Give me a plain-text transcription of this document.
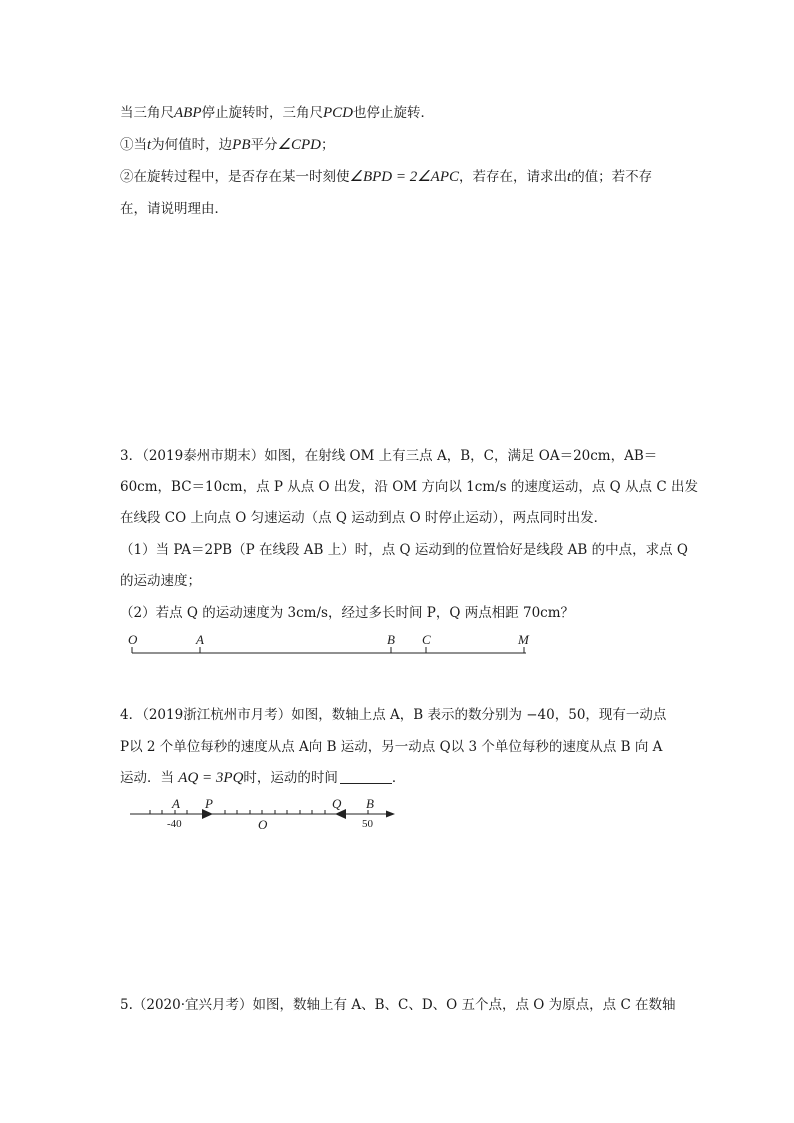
当三角尺ABP停止旋转时，三角尺PCD也停止旋转．
①当t为何值时，边PB平分∠CPD；
②在旋转过程中，是否存在某一时刻使∠BPD = 2∠APC，若存在，请求出t的值；若不存
在，请说明理由．
3．（2019泰州市期末）如图，在射线 OM 上有三点 A，B，C，满足 OA＝20cm，AB＝
60cm，BC＝10cm，点 P 从点 O 出发，沿 OM 方向以 1cm/s 的速度运动，点 Q 从点 C 出发
在线段 CO 上向点 O 匀速运动（点 Q 运动到点 O 时停止运动），两点同时出发．
（1）当 PA＝2PB（P 在线段 AB 上）时，点 Q 运动到的位置恰好是线段 AB 的中点，求点 Q
的运动速度；
（2）若点 Q 的运动速度为 3cm/s，经过多长时间 P，Q 两点相距 70cm？
O	A	B C	M
4．（2019浙江杭州市月考）如图，数轴上点 A，B 表示的数分别为 −40，50，现有一动点
P以 2 个单位每秒的速度从点 A向 B 运动，另一动点 Q以 3 个单位每秒的速度从点 B 向 A
运动．当 AQ = 3PQ时，运动的时间	．
A P	Q B
O
-40	50
5.（2020·宜兴月考）如图，数轴上有 A、B、C、D、O 五个点，点 O 为原点，点 C 在数轴
